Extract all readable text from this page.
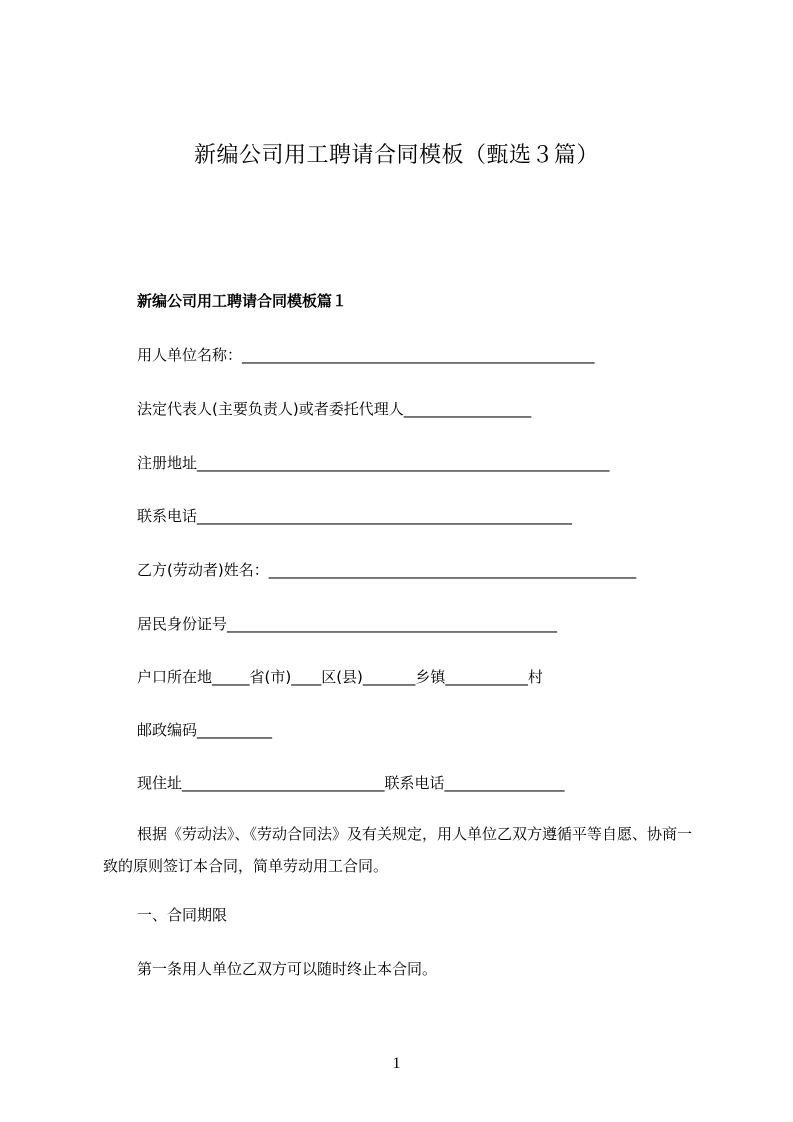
新编公司用工聘请合同模板（甄选３篇）
新编公司用工聘请合同模板篇１
用人单位名称：_______________________________________________
法定代表人(主要负责人)或者委托代理人_________________
注册地址_______________________________________________________
联系电话__________________________________________________
乙方(劳动者)姓名：_________________________________________________
居民身份证号____________________________________________
户口所在地_____省(市)____区(县)_______乡镇___________村
邮政编码__________
现住址___________________________联系电话________________
根据《劳动法》、《劳动合同法》及有关规定，用人单位乙双方遵循平等自愿、协商一致的原则签订本合同，简单劳动用工合同。
一、合同期限
第一条用人单位乙双方可以随时终止本合同。
1
